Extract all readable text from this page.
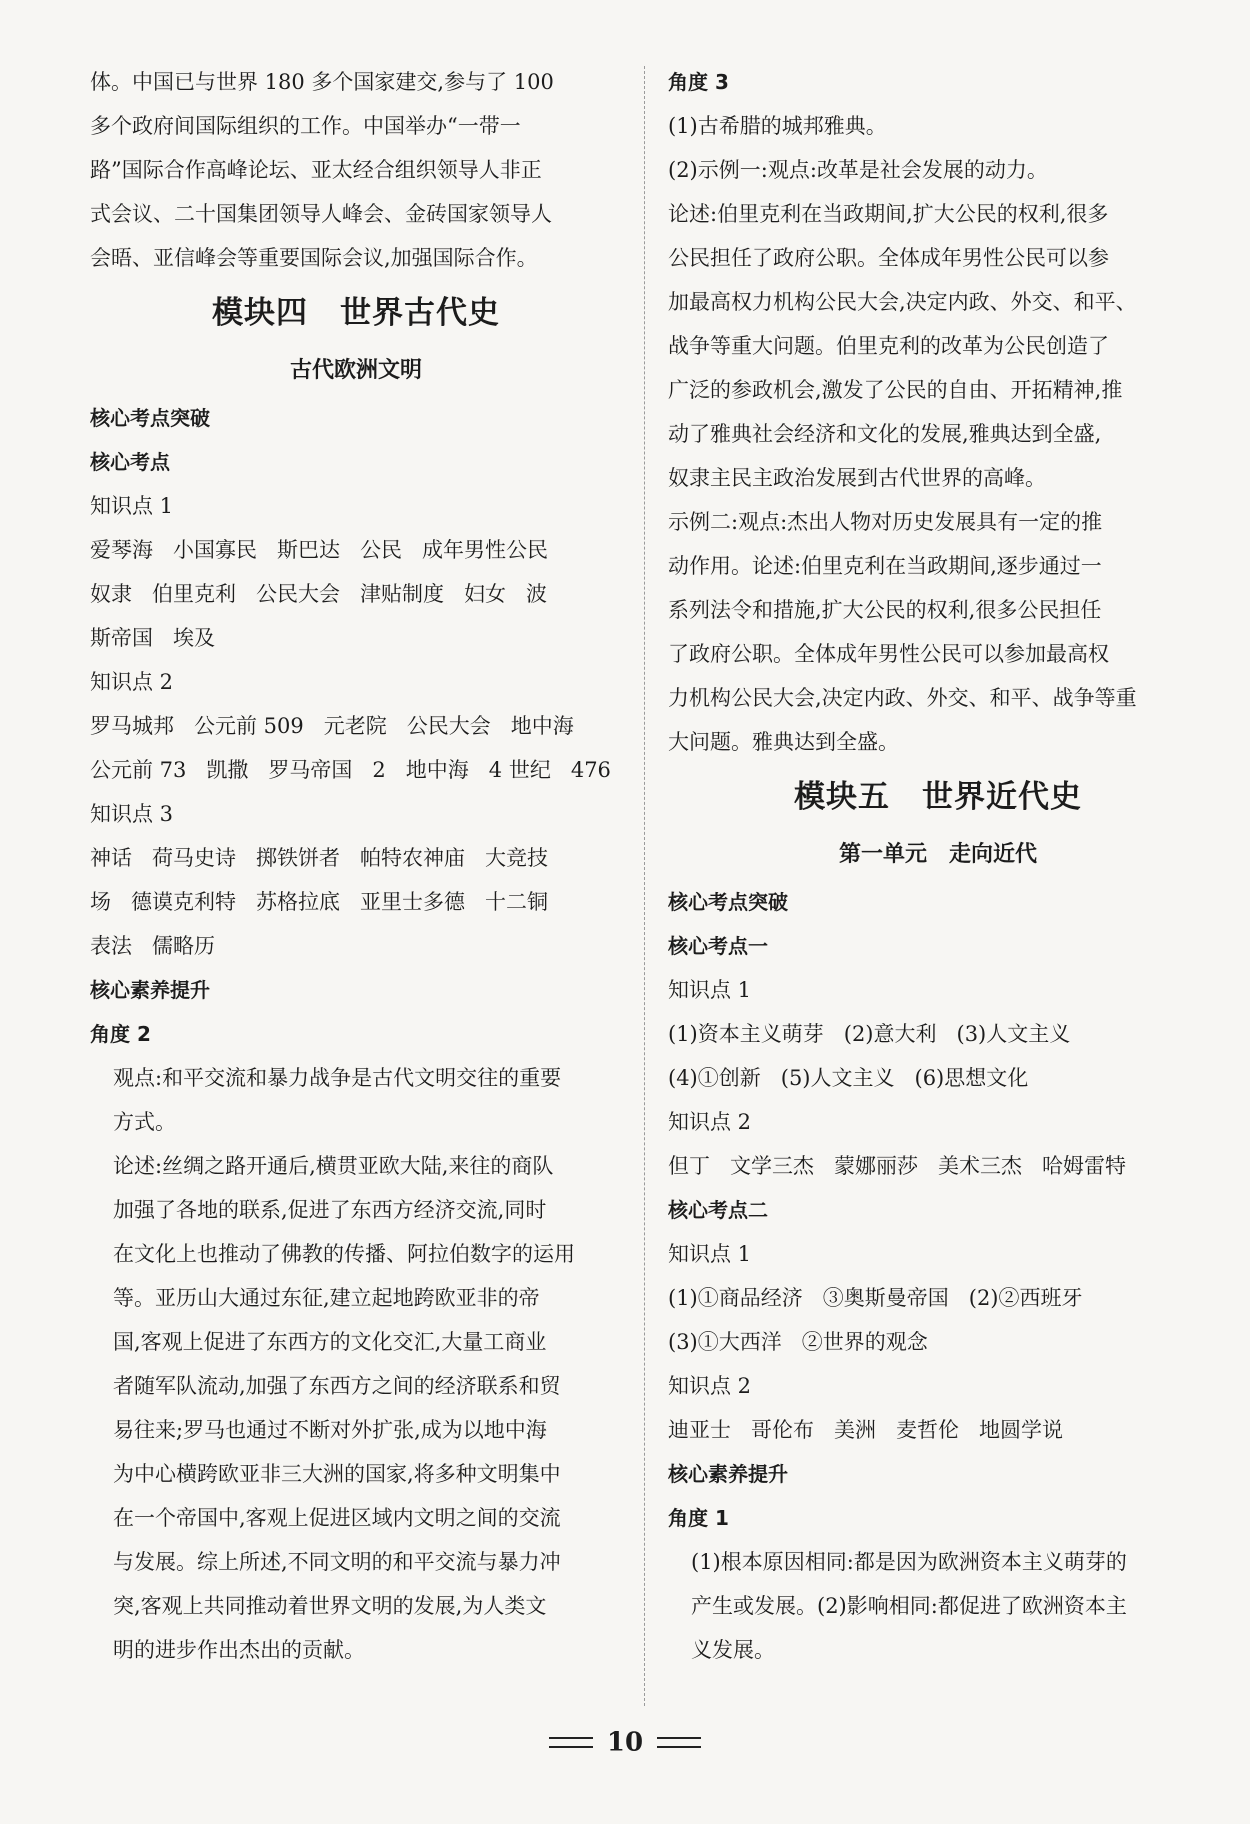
体。中国已与世界 180 多个国家建交,参与了 100
多个政府间国际组织的工作。中国举办“一带一
路”国际合作高峰论坛、亚太经合组织领导人非正
式会议、二十国集团领导人峰会、金砖国家领导人
会晤、亚信峰会等重要国际会议,加强国际合作。
模块四　世界古代史
古代欧洲文明
核心考点突破
核心考点
知识点 1
爱琴海 小国寡民 斯巴达 公民 成年男性公民
奴隶 伯里克利 公民大会 津贴制度 妇女 波
斯帝国 埃及
知识点 2
罗马城邦 公元前 509 元老院 公民大会 地中海
公元前 73 凯撒 罗马帝国 2 地中海 4 世纪 476
知识点 3
神话 荷马史诗 掷铁饼者 帕特农神庙 大竞技
场 德谟克利特 苏格拉底 亚里士多德 十二铜
表法 儒略历
核心素养提升
角度 2
观点:和平交流和暴力战争是古代文明交往的重要
方式。
论述:丝绸之路开通后,横贯亚欧大陆,来往的商队
加强了各地的联系,促进了东西方经济交流,同时
在文化上也推动了佛教的传播、阿拉伯数字的运用
等。亚历山大通过东征,建立起地跨欧亚非的帝
国,客观上促进了东西方的文化交汇,大量工商业
者随军队流动,加强了东西方之间的经济联系和贸
易往来;罗马也通过不断对外扩张,成为以地中海
为中心横跨欧亚非三大洲的国家,将多种文明集中
在一个帝国中,客观上促进区域内文明之间的交流
与发展。综上所述,不同文明的和平交流与暴力冲
突,客观上共同推动着世界文明的发展,为人类文
明的进步作出杰出的贡献。
角度 3
(1)古希腊的城邦雅典。
(2)示例一:观点:改革是社会发展的动力。
论述:伯里克利在当政期间,扩大公民的权利,很多
公民担任了政府公职。全体成年男性公民可以参
加最高权力机构公民大会,决定内政、外交、和平、
战争等重大问题。伯里克利的改革为公民创造了
广泛的参政机会,激发了公民的自由、开拓精神,推
动了雅典社会经济和文化的发展,雅典达到全盛,
奴隶主民主政治发展到古代世界的高峰。
示例二:观点:杰出人物对历史发展具有一定的推
动作用。论述:伯里克利在当政期间,逐步通过一
系列法令和措施,扩大公民的权利,很多公民担任
了政府公职。全体成年男性公民可以参加最高权
力机构公民大会,决定内政、外交、和平、战争等重
大问题。雅典达到全盛。
模块五　世界近代史
第一单元　走向近代
核心考点突破
核心考点一
知识点 1
(1)资本主义萌芽 (2)意大利 (3)人文主义
(4)①创新 (5)人文主义 (6)思想文化
知识点 2
但丁 文学三杰 蒙娜丽莎 美术三杰 哈姆雷特
核心考点二
知识点 1
(1)①商品经济 ③奥斯曼帝国 (2)②西班牙
(3)①大西洋 ②世界的观念
知识点 2
迪亚士 哥伦布 美洲 麦哲伦 地圆学说
核心素养提升
角度 1
(1)根本原因相同:都是因为欧洲资本主义萌芽的
产生或发展。(2)影响相同:都促进了欧洲资本主
义发展。
10
